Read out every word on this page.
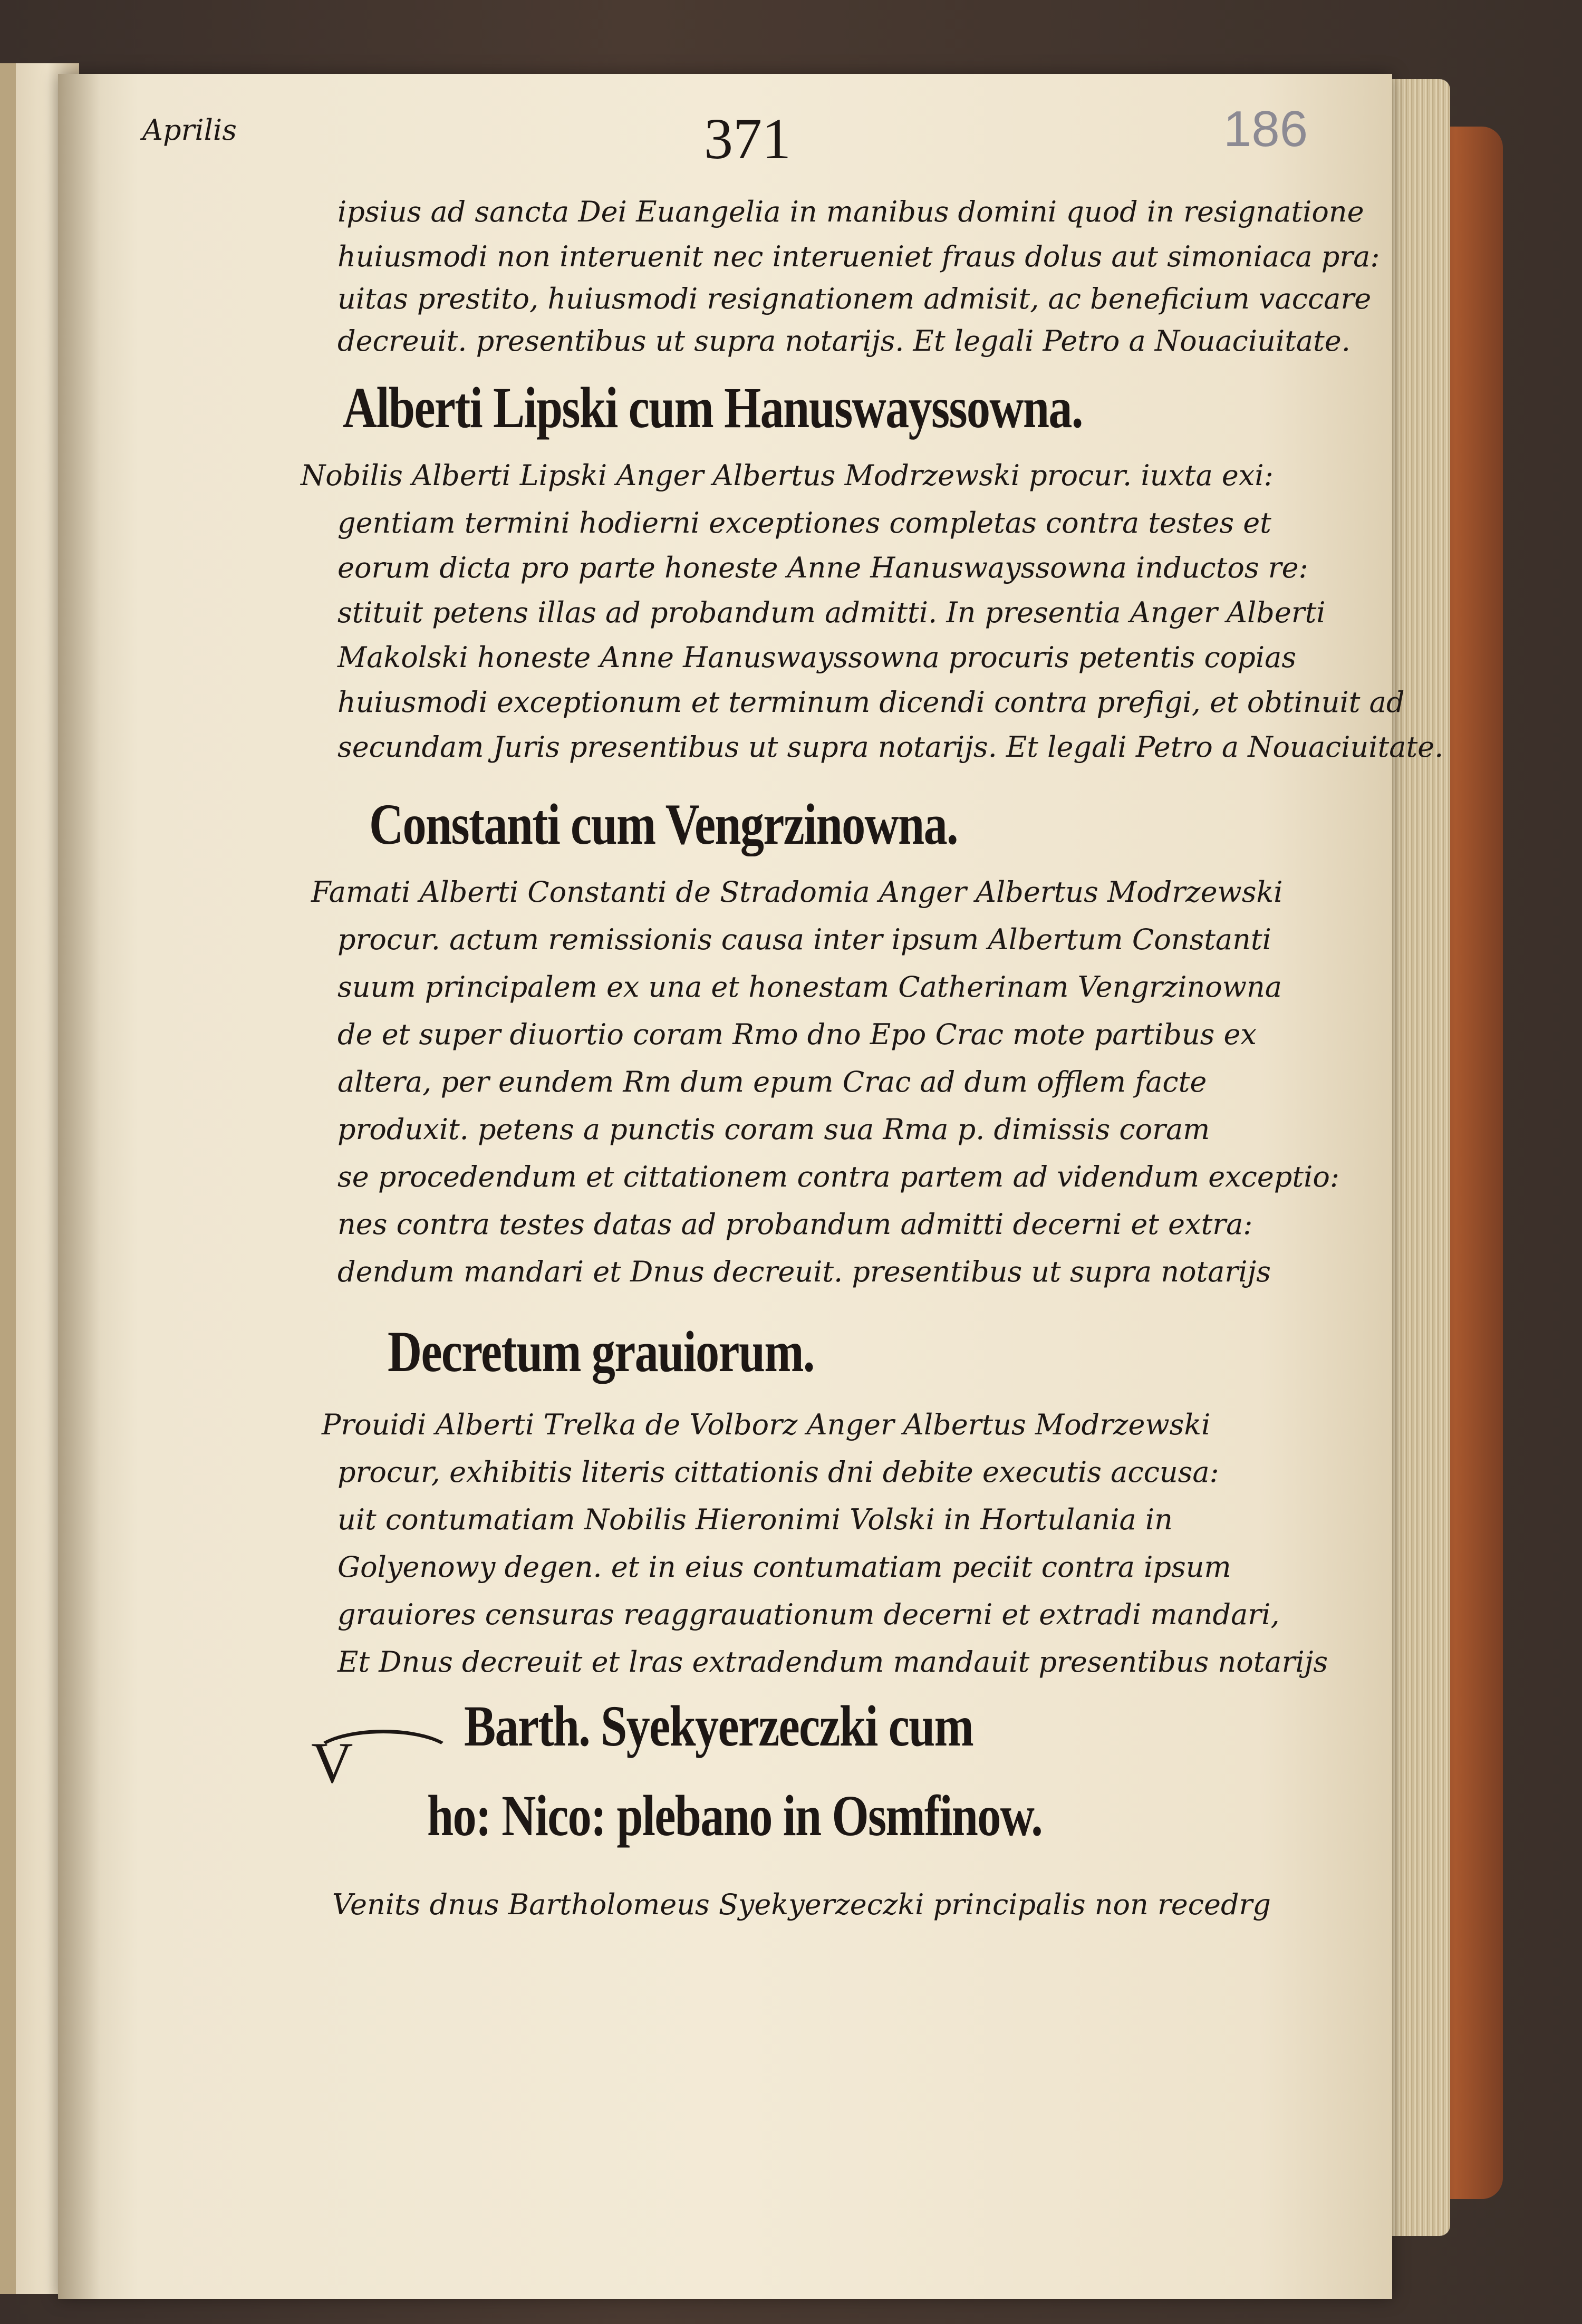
Aprilis	371	186
ipsius ad sancta Dei Euangelia in manibus domini quod in resignatione
huiusmodi non interuenit nec interueniet fraus dolus aut simoniaca pra:
uitas prestito, huiusmodi resignationem admisit, ac beneficium vaccare
decreuit. presentibus ut supra notarijs. Et legali Petro a Nouaciuitate.
Alberti Lipski cum Hanuswayssowna.
Nobilis Alberti Lipski Anger Albertus Modrzewski procur. iuxta exi:
gentiam termini hodierni exceptiones completas contra testes et
eorum dicta pro parte honeste Anne Hanuswayssowna inductos re:
stituit petens illas ad probandum admitti. In presentia Anger Alberti
Makolski honeste Anne Hanuswayssowna procuris petentis copias
huiusmodi exceptionum et terminum dicendi contra prefigi, et obtinuit ad
secundam Juris presentibus ut supra notarijs. Et legali Petro a Nouaciuitate.
Constanti cum Vengrzinowna.
Famati Alberti Constanti de Stradomia Anger Albertus Modrzewski
procur. actum remissionis causa inter ipsum Albertum Constanti
suum principalem ex una et honestam Catherinam Vengrzinowna
de et super diuortio coram Rmo dno Epo Crac mote partibus ex
altera, per eundem Rm dum epum Crac ad dum offlem facte
produxit. petens a punctis coram sua Rma p. dimissis coram
se procedendum et cittationem contra partem ad videndum exceptio:
nes contra testes datas ad probandum admitti decerni et extra:
dendum mandari et Dnus decreuit. presentibus ut supra notarijs
Decretum grauiorum.
Prouidi Alberti Trelka de Volborz Anger Albertus Modrzewski
procur, exhibitis literis cittationis dni debite executis accusa:
uit contumatiam Nobilis Hieronimi Volski in Hortulania in
Golyenowy degen. et in eius contumatiam peciit contra ipsum
grauiores censuras reaggrauationum decerni et extradi mandari,
Et Dnus decreuit et lras extradendum mandauit presentibus notarijs
V
Barth. Syekyerzeczki cum
ho: Nico: plebano in Osmfinow.
Venits dnus Bartholomeus Syekyerzeczki principalis non recedrg
